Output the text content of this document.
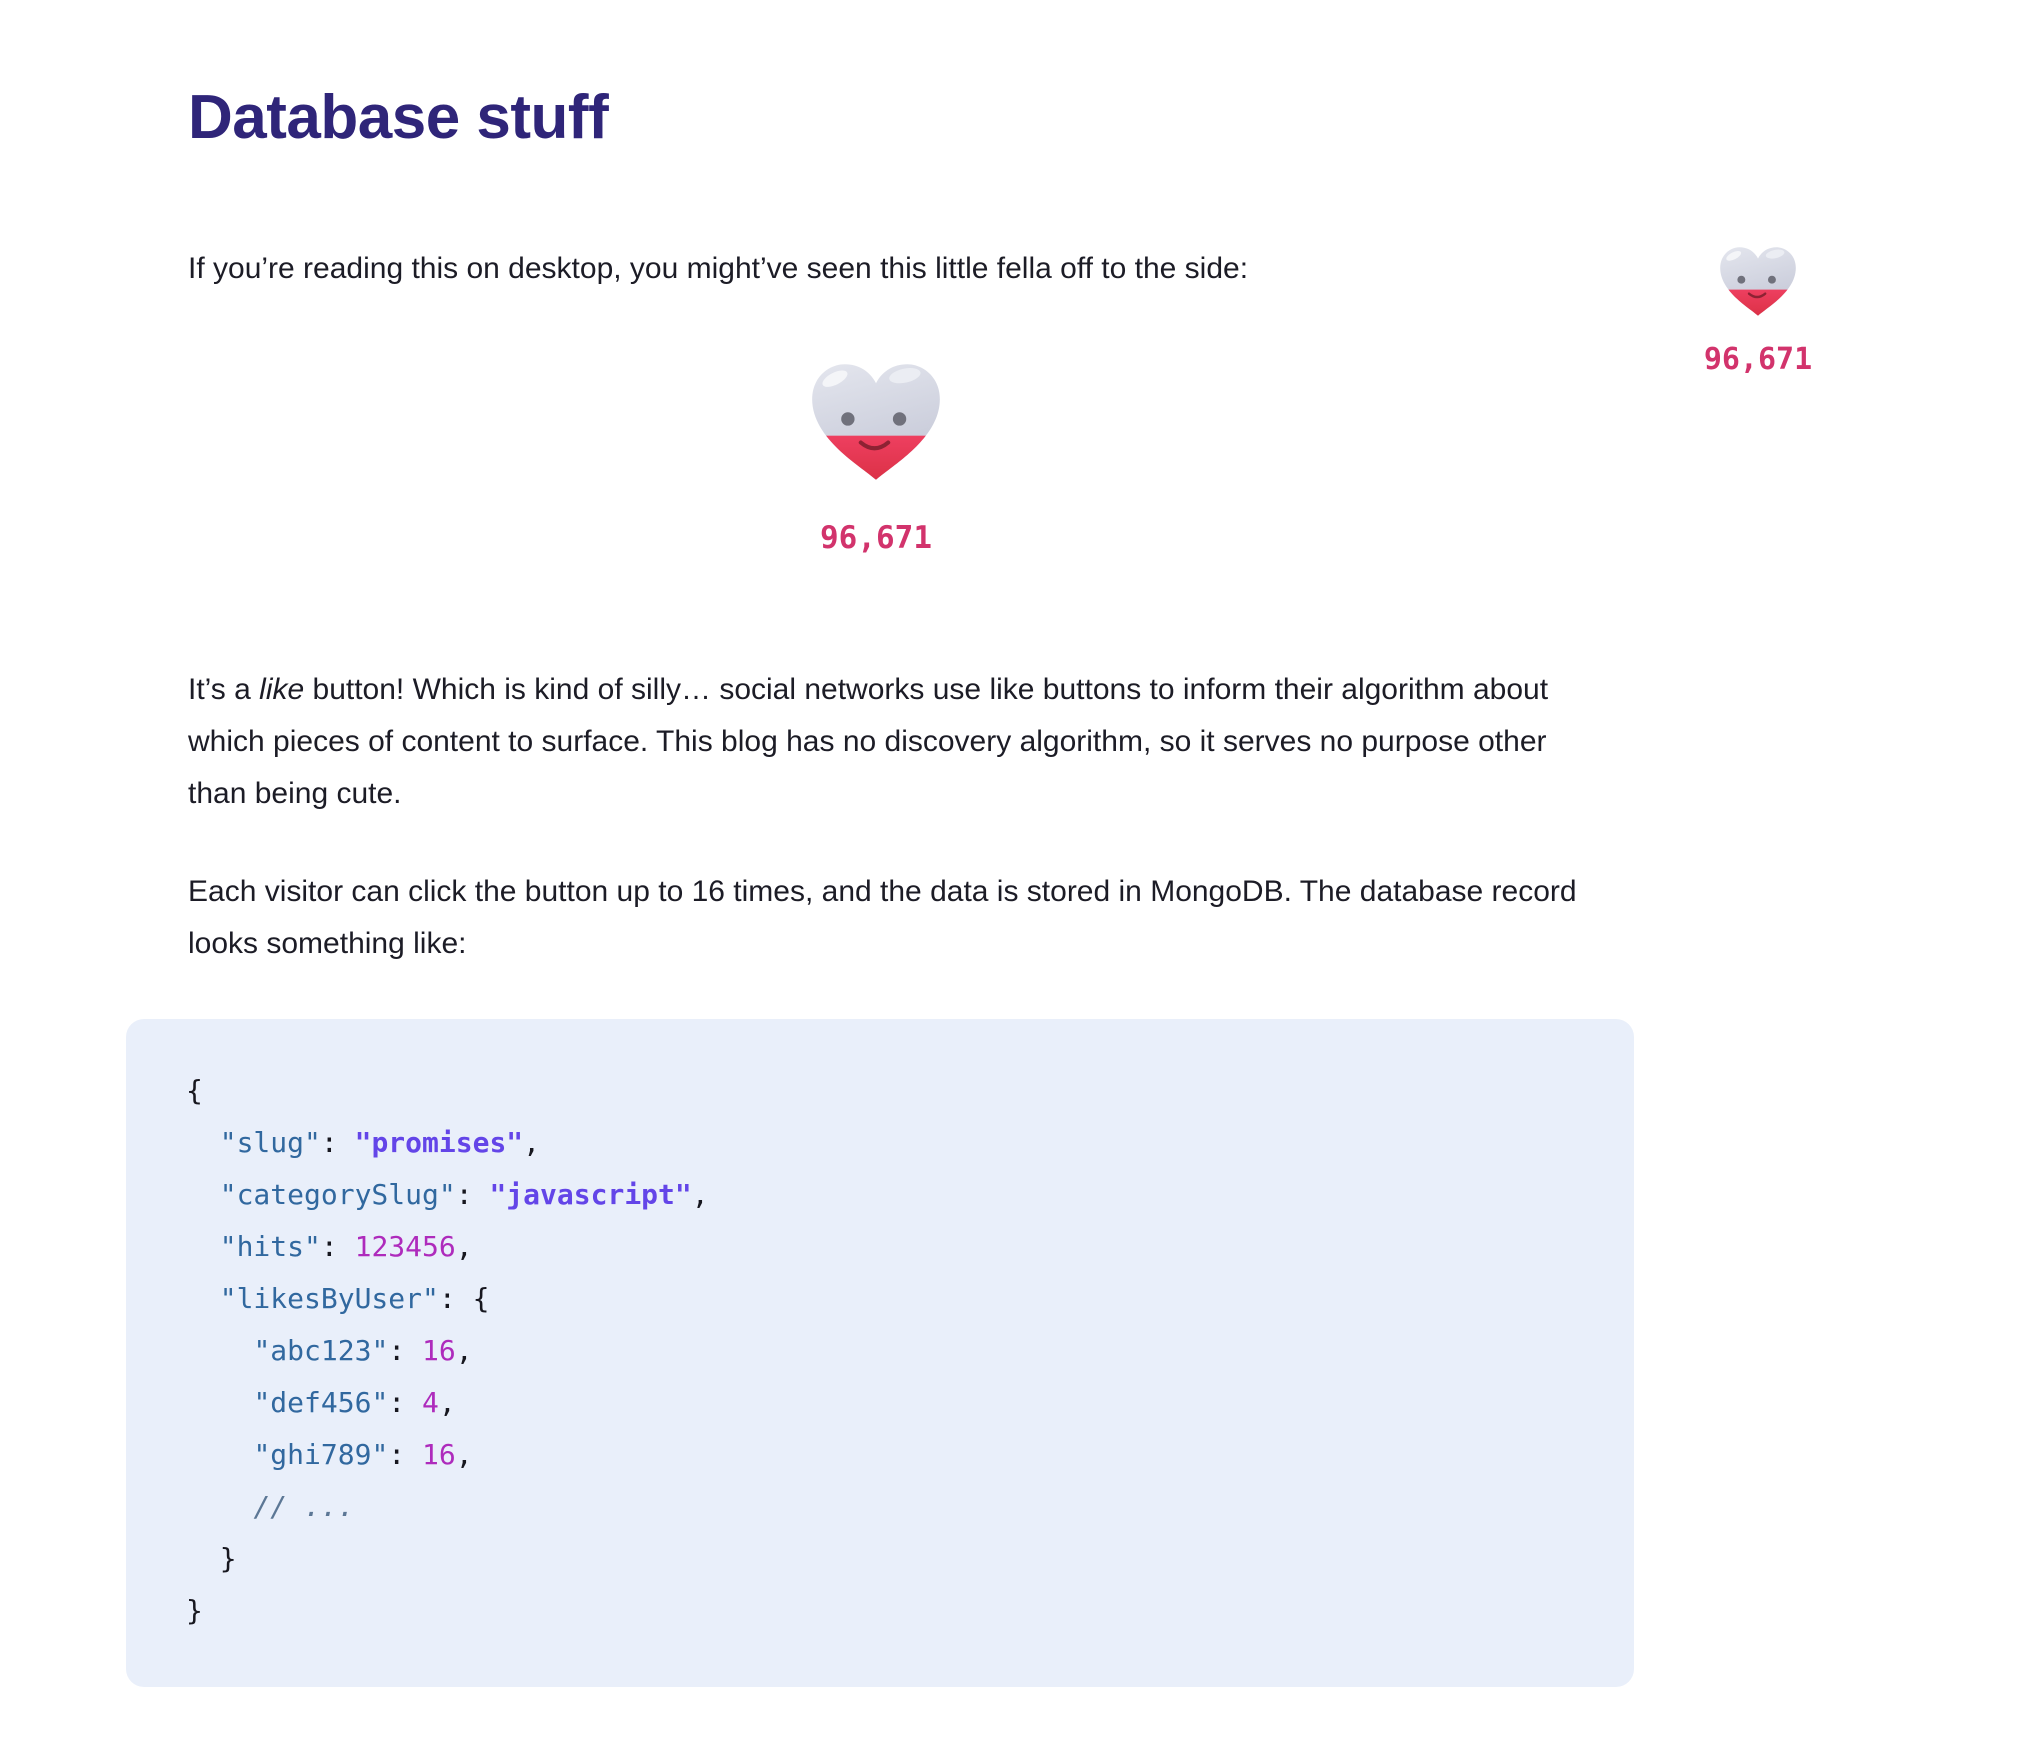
Database stuff

If you’re reading this on desktop, you might’ve seen this little fella off to the side:

96,671
96,671

It’s a like button! Which is kind of silly… social networks use like buttons to inform their algorithm about which pieces of content to surface. This blog has no discovery algorithm, so it serves no purpose other than being cute.

Each visitor can click the button up to 16 times, and the data is stored in MongoDB. The database record looks something like:

{
"slug": "promises",
"categorySlug": "javascript",
"hits": 123456,
"likesByUser": {
"abc123": 16,
"def456": 4,
"ghi789": 16,
// ...
}
}
